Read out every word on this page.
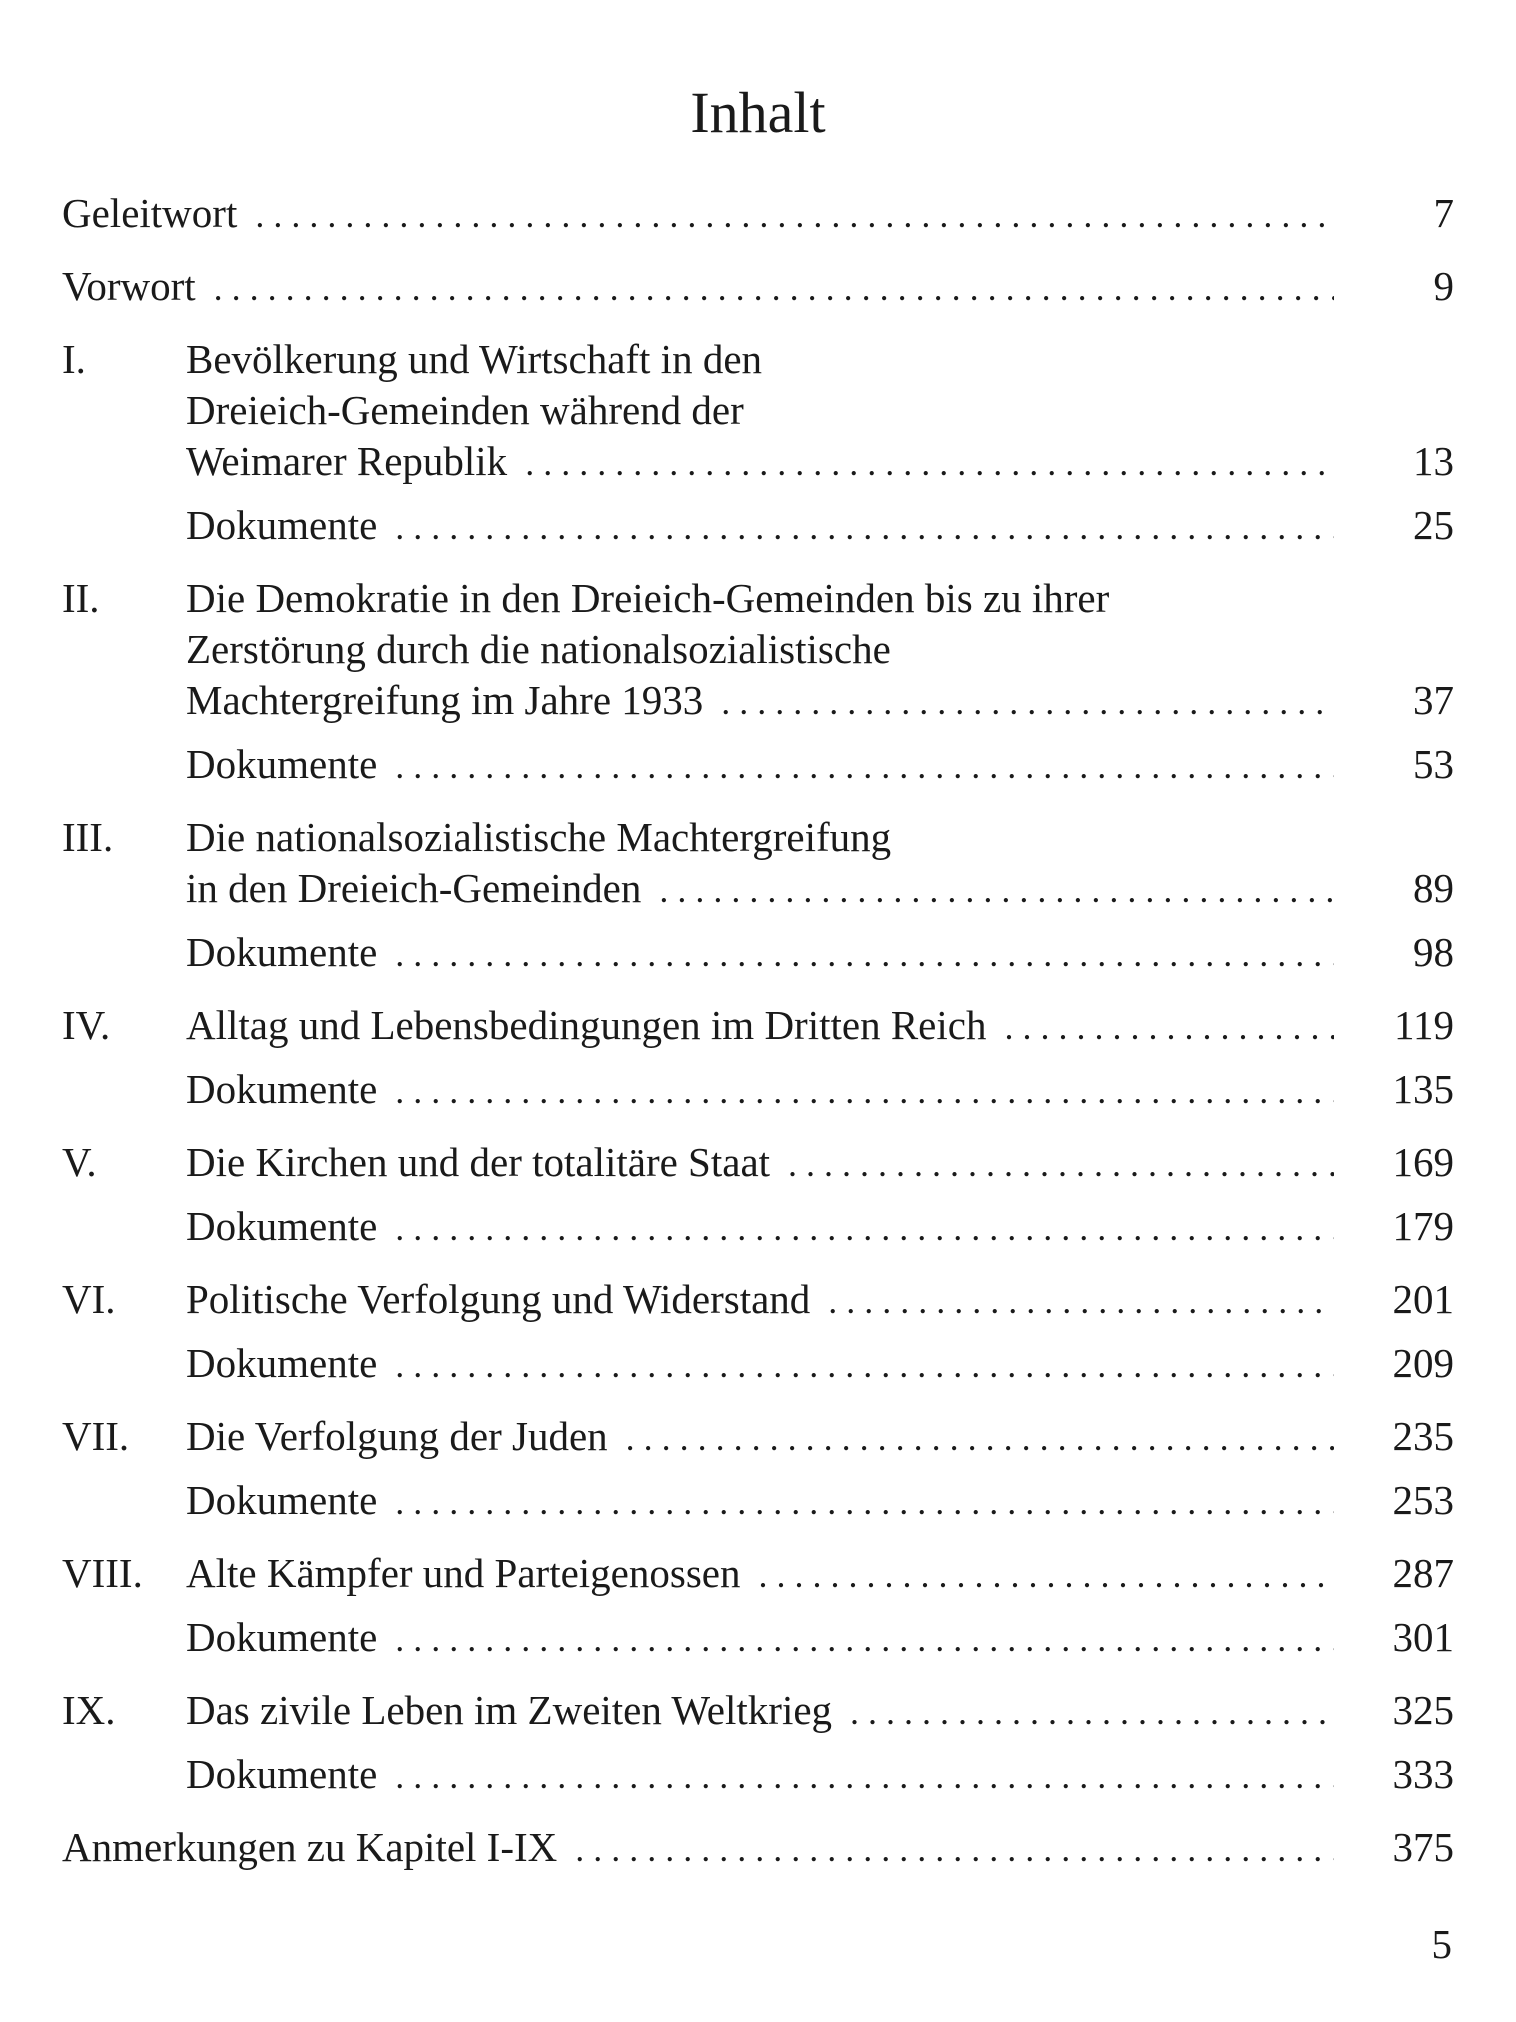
Inhalt
Geleitwort . . .	7
Vorwort . . .	9
I.	Bevölkerung und Wirtschaft in den
Dreieich-Gemeinden während der
Weimarer Republik . . .	13
Dokumente . . .	25
II.	Die Demokratie in den Dreieich-Gemeinden bis zu ihrer
Zerstörung durch die nationalsozialistische
Machtergreifung im Jahre 1933 . . .	37
Dokumente . . .	53
III.	Die nationalsozialistische Machtergreifung
in den Dreieich-Gemeinden . . .	89
Dokumente . . .	98
IV.	Alltag und Lebensbedingungen im Dritten Reich . . .	119
Dokumente . . .	135
V.	Die Kirchen und der totalitäre Staat . . .	169
Dokumente . . .	179
VI.	Politische Verfolgung und Widerstand . . .	201
Dokumente . . .	209
VII.	Die Verfolgung der Juden . . .	235
Dokumente . . .	253
VIII.	Alte Kämpfer und Parteigenossen . . .	287
Dokumente . . .	301
IX.	Das zivile Leben im Zweiten Weltkrieg . . .	325
Dokumente . . .	333
Anmerkungen zu Kapitel I-IX . . .	375
5
